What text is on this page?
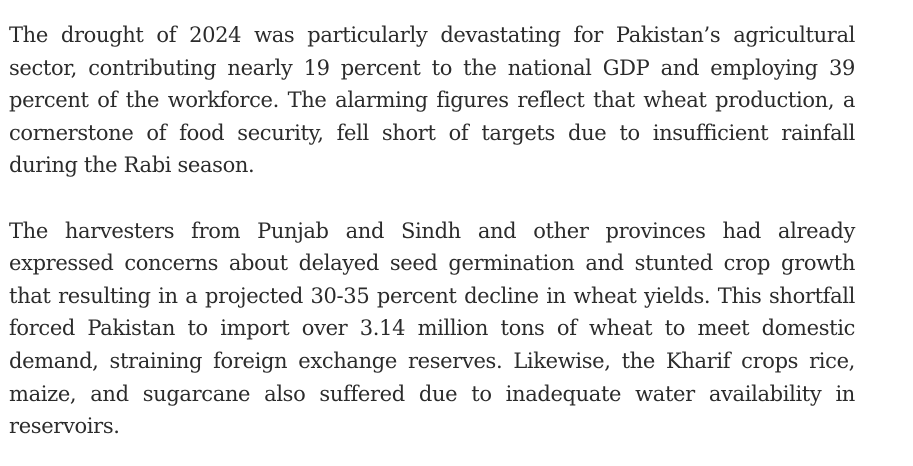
The drought of 2024 was particularly devastating for Pakistan’s agricultural sector, contributing nearly 19 percent to the national GDP and employing 39 percent of the workforce. The alarming figures reflect that wheat production, a cornerstone of food security, fell short of targets due to insufficient rainfall during the Rabi season.

The harvesters from Punjab and Sindh and other provinces had already expressed concerns about delayed seed germination and stunted crop growth that resulting in a projected 30-35 percent decline in wheat yields. This shortfall forced Pakistan to import over 3.14 million tons of wheat to meet domestic demand, straining foreign exchange reserves. Likewise, the Kharif crops rice, maize, and sugarcane also suffered due to inadequate water availability in reservoirs.
